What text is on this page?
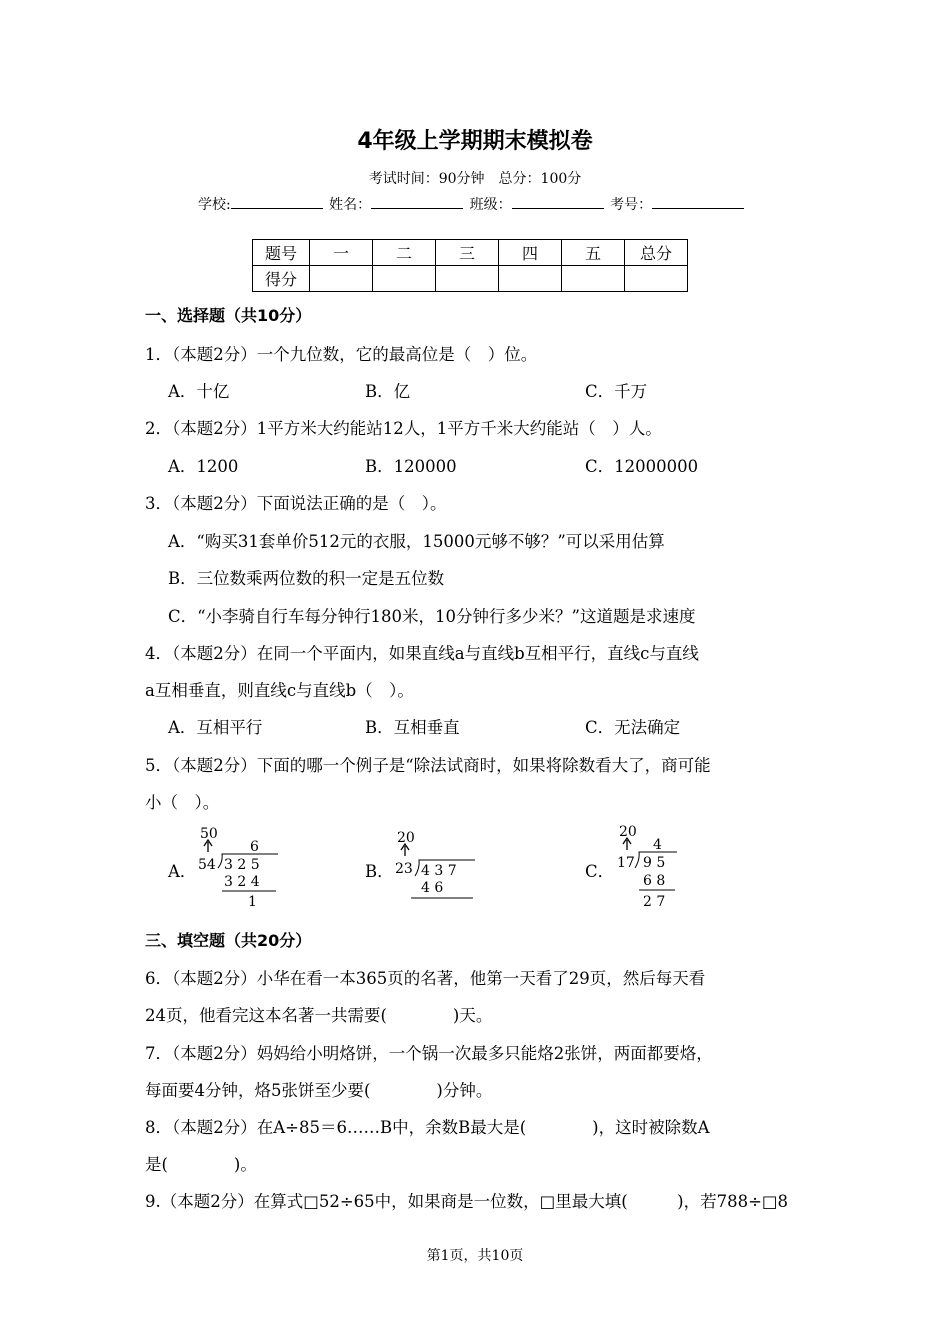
4年级上学期期末模拟卷
考试时间：90分钟　总分：100分
学校:	姓名：	班级：	考号：
题号	一	二	三	四	五	总分
得分						
一、选择题（共10分）
1．（本题2分）一个九位数，它的最高位是（　）位。
A．十亿	B．亿	C．千万
2．（本题2分）1平方米大约能站12人，1平方千米大约能站（　）人。
A．1200	B．120000	C．12000000
3．（本题2分）下面说法正确的是（　）。
A．“购买31套单价512元的衣服，15000元够不够？”可以采用估算
B．三位数乘两位数的积一定是五位数
C．“小李骑自行车每分钟行180米，10分钟行多少米？”这道题是求速度
4．（本题2分）在同一个平面内，如果直线a与直线b互相平行，直线c与直线
a互相垂直，则直线c与直线b（　）。
A．互相平行	B．互相垂直	C．无法确定
5．（本题2分）下面的哪一个例子是“除法试商时，如果将除数看大了，商可能
小（　）。
A．
50
6
54 3 2 5
3 2 4
1
B．
20
23 4 3 7
4 6
C．
20
4
17 9 5
6 8
2 7
三、填空题（共20分）
6．（本题2分）小华在看一本365页的名著，他第一天看了29页，然后每天看
24页，他看完这本名著一共需要(　　　　)天。
7．（本题2分）妈妈给小明烙饼，一个锅一次最多只能烙2张饼，两面都要烙，
每面要4分钟，烙5张饼至少要(　　　　)分钟。
8．（本题2分）在A÷85＝6……B中，余数B最大是(　　　　)，这时被除数A
是(　　　　)。
9.（本题2分）在算式□52÷65中，如果商是一位数，□里最大填(　　　)，若788÷□8
第1页，共10页
